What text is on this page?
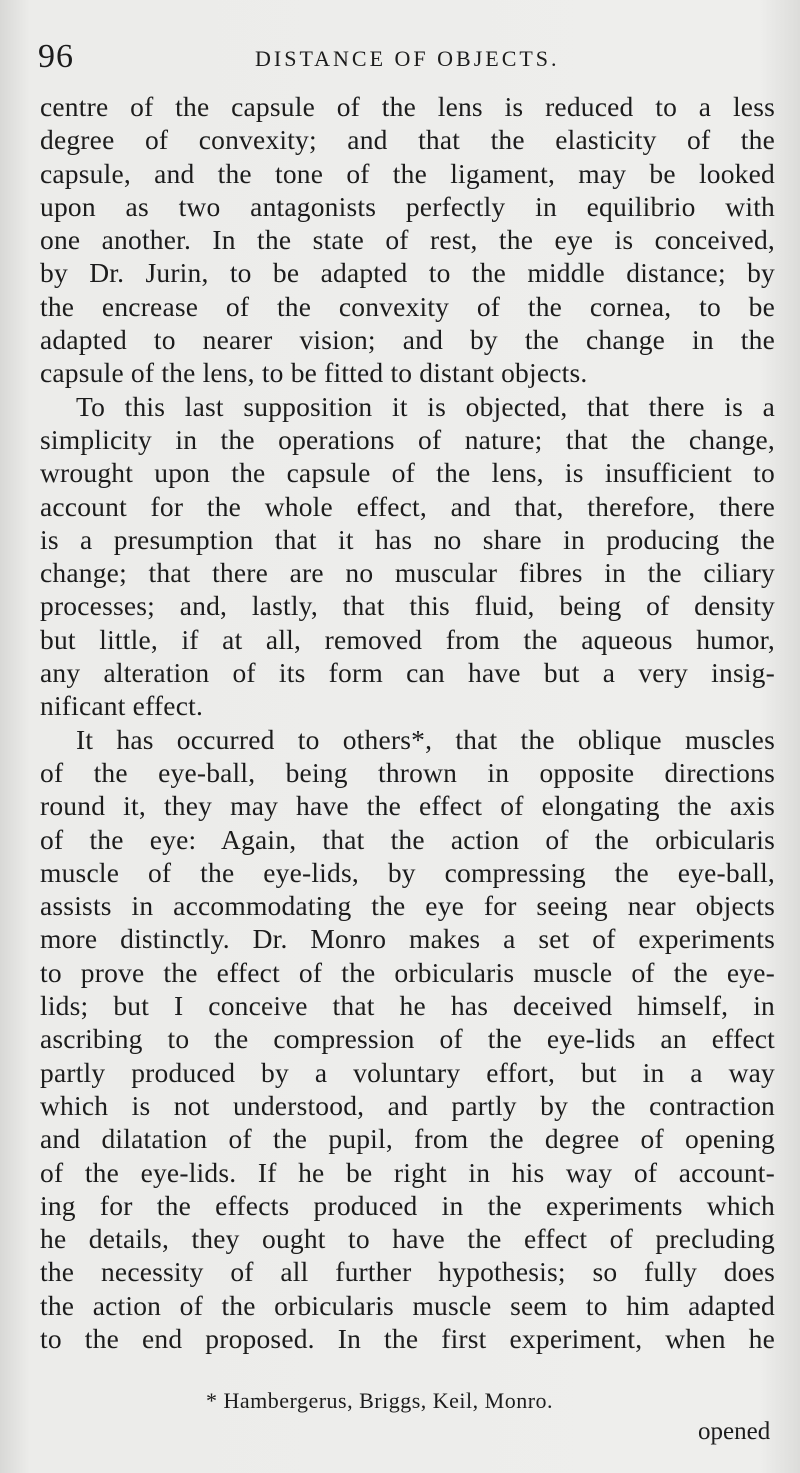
96	DISTANCE OF OBJECTS.
centre of the capsule of the lens is reduced to a less
degree of convexity; and that the elasticity of the
capsule, and the tone of the ligament, may be looked
upon as two antagonists perfectly in equilibrio with
one another. In the state of rest, the eye is conceived,
by Dr. Jurin, to be adapted to the middle distance; by
the encrease of the convexity of the cornea, to be
adapted to nearer vision; and by the change in the
capsule of the lens, to be fitted to distant objects.
To this last supposition it is objected, that there is a
simplicity in the operations of nature; that the change,
wrought upon the capsule of the lens, is insufficient to
account for the whole effect, and that, therefore, there
is a presumption that it has no share in producing the
change; that there are no muscular fibres in the ciliary
processes; and, lastly, that this fluid, being of density
but little, if at all, removed from the aqueous humor,
any alteration of its form can have but a very insig-
nificant effect.
It has occurred to others*, that the oblique muscles
of the eye-ball, being thrown in opposite directions
round it, they may have the effect of elongating the axis
of the eye: Again, that the action of the orbicularis
muscle of the eye-lids, by compressing the eye-ball,
assists in accommodating the eye for seeing near objects
more distinctly. Dr. Monro makes a set of experiments
to prove the effect of the orbicularis muscle of the eye-
lids; but I conceive that he has deceived himself, in
ascribing to the compression of the eye-lids an effect
partly produced by a voluntary effort, but in a way
which is not understood, and partly by the contraction
and dilatation of the pupil, from the degree of opening
of the eye-lids. If he be right in his way of account-
ing for the effects produced in the experiments which
he details, they ought to have the effect of precluding
the necessity of all further hypothesis; so fully does
the action of the orbicularis muscle seem to him adapted
to the end proposed. In the first experiment, when he
* Hambergerus, Briggs, Keil, Monro.
opened
